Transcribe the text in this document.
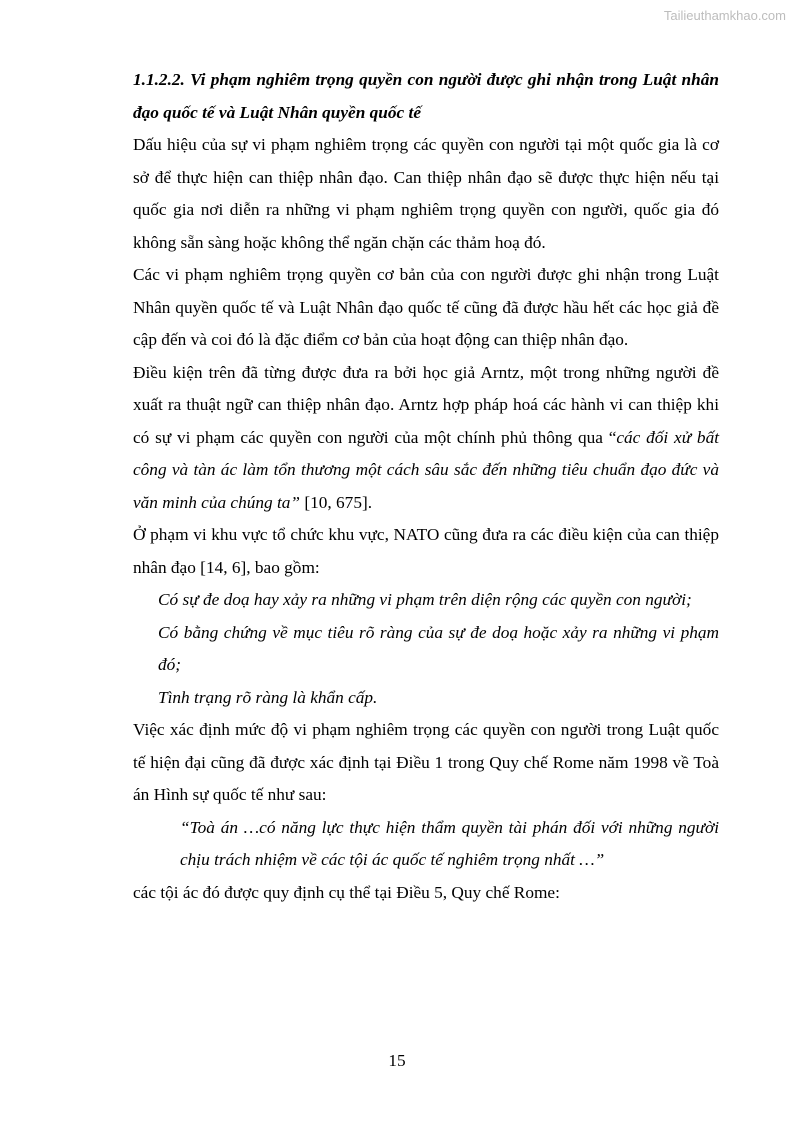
Tailieuthamkhao.com

1.1.2.2. Vi phạm nghiêm trọng quyền con người được ghi nhận trong Luật nhân đạo quốc tế và Luật Nhân quyền quốc tế

Dấu hiệu của sự vi phạm nghiêm trọng các quyền con người tại một quốc gia là cơ sở để thực hiện can thiệp nhân đạo. Can thiệp nhân đạo sẽ được thực hiện nếu tại quốc gia nơi diễn ra những vi phạm nghiêm trọng quyền con người, quốc gia đó không sẵn sàng hoặc không thể ngăn chặn các thảm hoạ đó.

Các vi phạm nghiêm trọng quyền cơ bản của con người được ghi nhận trong Luật Nhân quyền quốc tế và Luật Nhân đạo quốc tế cũng đã được hầu hết các học giả đề cập đến và coi đó là đặc điểm cơ bản của hoạt động can thiệp nhân đạo.

Điều kiện trên đã từng được đưa ra bởi học giả Arntz, một trong những người đề xuất ra thuật ngữ can thiệp nhân đạo. Arntz hợp pháp hoá các hành vi can thiệp khi có sự vi phạm các quyền con người của một chính phủ thông qua “các đối xử bất công và tàn ác làm tổn thương một cách sâu sắc đến những tiêu chuẩn đạo đức và văn minh của chúng ta” [10, 675].

Ở phạm vi khu vực tổ chức khu vực, NATO cũng đưa ra các điều kiện của can thiệp nhân đạo [14, 6], bao gồm:

Có sự đe doạ hay xảy ra những vi phạm trên diện rộng các quyền con người;

Có bằng chứng về mục tiêu rõ ràng của sự đe doạ hoặc xảy ra những vi phạm đó;

Tình trạng rõ ràng là khẩn cấp.

Việc xác định mức độ vi phạm nghiêm trọng các quyền con người trong Luật quốc tế hiện đại cũng đã được xác định tại Điều 1 trong Quy chế Rome năm 1998 về Toà án Hình sự quốc tế như sau:

“Toà án …có năng lực thực hiện thẩm quyền tài phán đối với những người chịu trách nhiệm về các tội ác quốc tế nghiêm trọng nhất …”

các tội ác đó được quy định cụ thể tại Điều 5, Quy chế Rome:

15
